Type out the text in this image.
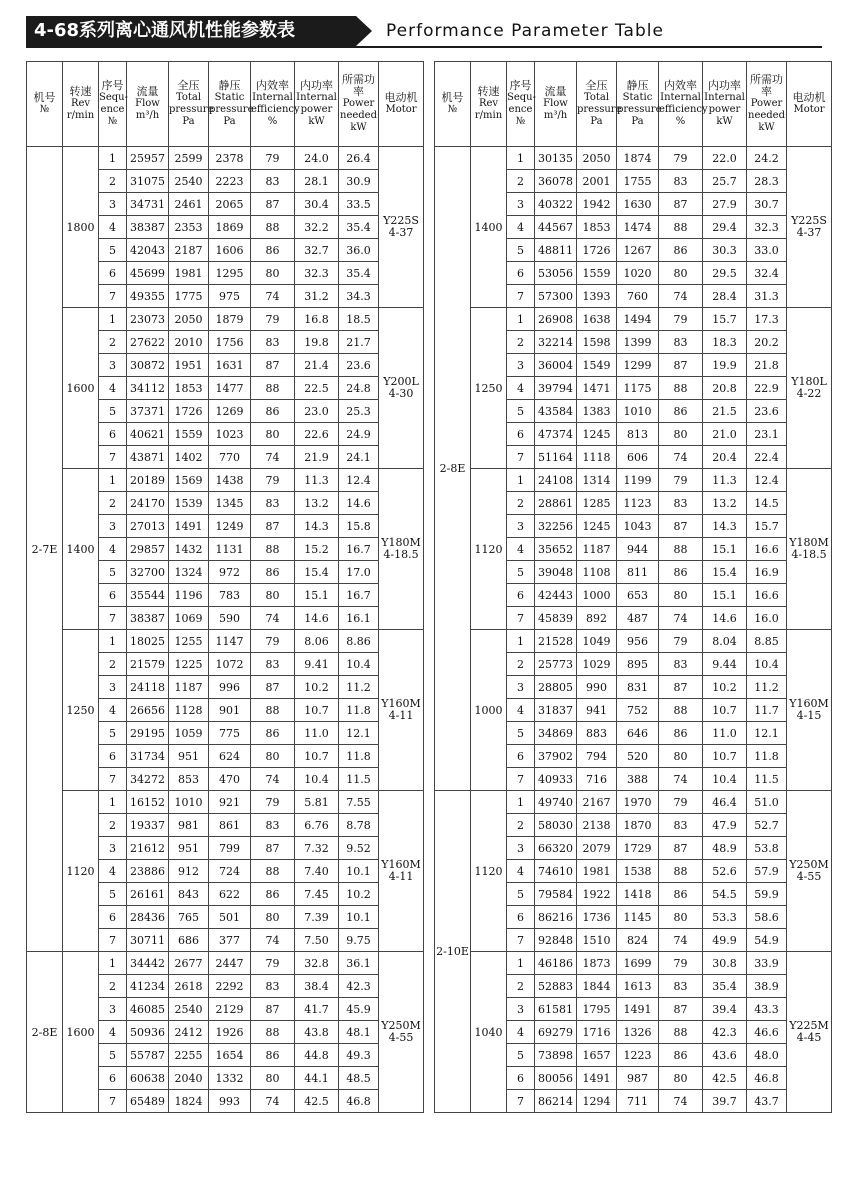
4-68系列离心通风机性能参数表	Performance Parameter Table
机号
№	转速
Rev r/min	序号
Sequ-ence №	流量
Flow m³/h	全压
Total pressure Pa	静压
Static pressure Pa	内效率
Internal efficiency %	内功率
Internal power kW	所需功率
Power needed kW	电动机
Motor

2-7E	1800	1	25957	2599	2378	79	24.0	26.4	Y225S 4-37
		2	31075	2540	2223	83	28.1	30.9	
		3	34731	2461	2065	87	30.4	33.5	
		4	38387	2353	1869	88	32.2	35.4	
		5	42043	2187	1606	86	32.7	36.0	
		6	45699	1981	1295	80	32.3	35.4	
		7	49355	1775	975	74	31.2	34.3	
	1600	1	23073	2050	1879	79	16.8	18.5	Y200L 4-30
		2	27622	2010	1756	83	19.8	21.7	
		3	30872	1951	1631	87	21.4	23.6	
		4	34112	1853	1477	88	22.5	24.8	
		5	37371	1726	1269	86	23.0	25.3	
		6	40621	1559	1023	80	22.6	24.9	
		7	43871	1402	770	74	21.9	24.1	
	1400	1	20189	1569	1438	79	11.3	12.4	Y180M 4-18.5
		2	24170	1539	1345	83	13.2	14.6	
		3	27013	1491	1249	87	14.3	15.8	
		4	29857	1432	1131	88	15.2	16.7	
		5	32700	1324	972	86	15.4	17.0	
		6	35544	1196	783	80	15.1	16.7	
		7	38387	1069	590	74	14.6	16.1	
	1250	1	18025	1255	1147	79	8.06	8.86	Y160M 4-11
		2	21579	1225	1072	83	9.41	10.4	
		3	24118	1187	996	87	10.2	11.2	
		4	26656	1128	901	88	10.7	11.8	
		5	29195	1059	775	86	11.0	12.1	
		6	31734	951	624	80	10.7	11.8	
		7	34272	853	470	74	10.4	11.5	
	1120	1	16152	1010	921	79	5.81	7.55	Y160M 4-11
		2	19337	981	861	83	6.76	8.78	
		3	21612	951	799	87	7.32	9.52	
		4	23886	912	724	88	7.40	10.1	
		5	26161	843	622	86	7.45	10.2	
		6	28436	765	501	80	7.39	10.1	
		7	30711	686	377	74	7.50	9.75	
2-8E	1600	1	34442	2677	2447	79	32.8	36.1	Y250M 4-55
		2	41234	2618	2292	83	38.4	42.3	
		3	46085	2540	2129	87	41.7	45.9	
		4	50936	2412	1926	88	43.8	48.1	
		5	55787	2255	1654	86	44.8	49.3	
		6	60638	2040	1332	80	44.1	48.5	
		7	65489	1824	993	74	42.5	46.8	
机号
№	转速
Rev r/min	序号
Sequ-ence №	流量
Flow m³/h	全压
Total pressure Pa	静压
Static pressure Pa	内效率
Internal efficiency %	内功率
Internal power kW	所需功率
Power needed kW	电动机
Motor

2-8E	1400	1	30135	2050	1874	79	22.0	24.2	Y225S 4-37
		2	36078	2001	1755	83	25.7	28.3	
		3	40322	1942	1630	87	27.9	30.7	
		4	44567	1853	1474	88	29.4	32.3	
		5	48811	1726	1267	86	30.3	33.0	
		6	53056	1559	1020	80	29.5	32.4	
		7	57300	1393	760	74	28.4	31.3	
	1250	1	26908	1638	1494	79	15.7	17.3	Y180L 4-22
		2	32214	1598	1399	83	18.3	20.2	
		3	36004	1549	1299	87	19.9	21.8	
		4	39794	1471	1175	88	20.8	22.9	
		5	43584	1383	1010	86	21.5	23.6	
		6	47374	1245	813	80	21.0	23.1	
		7	51164	1118	606	74	20.4	22.4	
	1120	1	24108	1314	1199	79	11.3	12.4	Y180M 4-18.5
		2	28861	1285	1123	83	13.2	14.5	
		3	32256	1245	1043	87	14.3	15.7	
		4	35652	1187	944	88	15.1	16.6	
		5	39048	1108	811	86	15.4	16.9	
		6	42443	1000	653	80	15.1	16.6	
		7	45839	892	487	74	14.6	16.0	
	1000	1	21528	1049	956	79	8.04	8.85	Y160M 4-15
		2	25773	1029	895	83	9.44	10.4	
		3	28805	990	831	87	10.2	11.2	
		4	31837	941	752	88	10.7	11.7	
		5	34869	883	646	86	11.0	12.1	
		6	37902	794	520	80	10.7	11.8	
		7	40933	716	388	74	10.4	11.5	
2-10E	1120	1	49740	2167	1970	79	46.4	51.0	Y250M 4-55
		2	58030	2138	1870	83	47.9	52.7	
		3	66320	2079	1729	87	48.9	53.8	
		4	74610	1981	1538	88	52.6	57.9	
		5	79584	1922	1418	86	54.5	59.9	
		6	86216	1736	1145	80	53.3	58.6	
		7	92848	1510	824	74	49.9	54.9	
	1040	1	46186	1873	1699	79	30.8	33.9	Y225M 4-45
		2	52883	1844	1613	83	35.4	38.9	
		3	61581	1795	1491	87	39.4	43.3	
		4	69279	1716	1326	88	42.3	46.6	
		5	73898	1657	1223	86	43.6	48.0	
		6	80056	1491	987	80	42.5	46.8	
		7	86214	1294	711	74	39.7	43.7	
